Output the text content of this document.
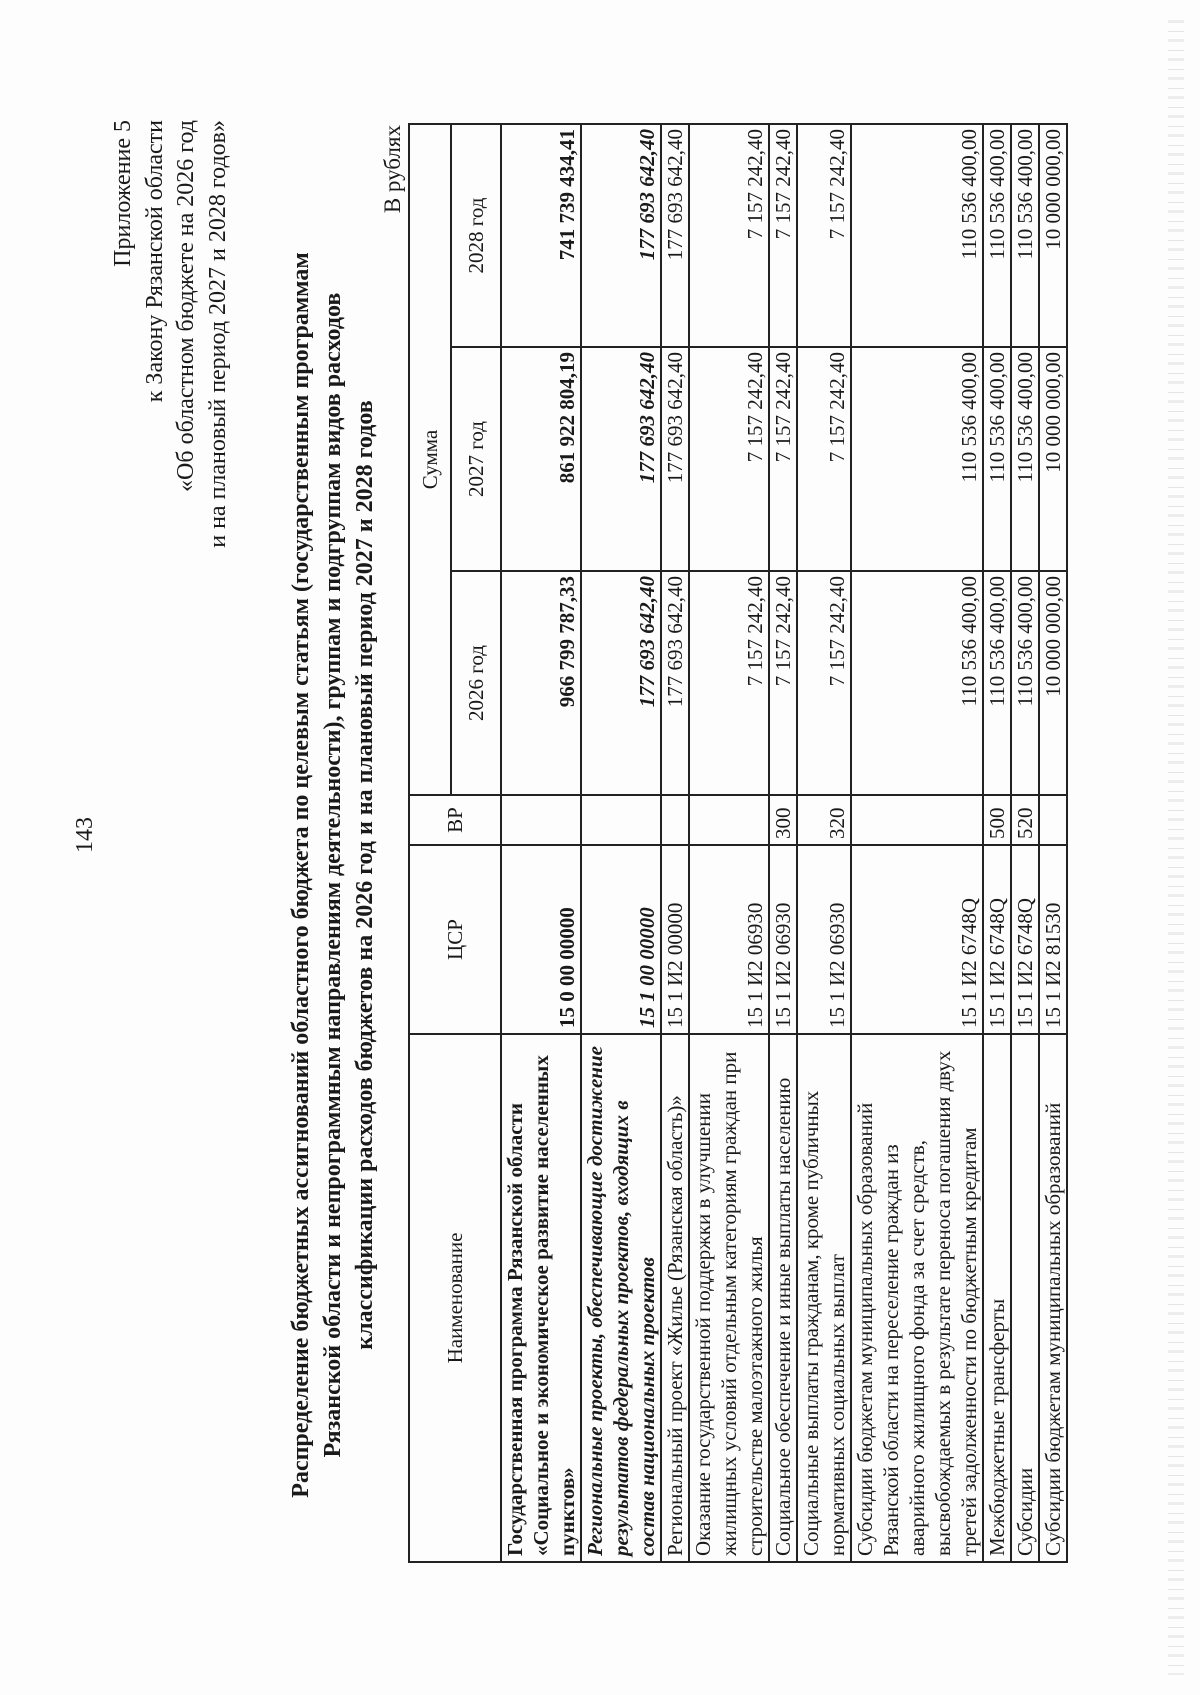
143
Приложение 5 к Закону Рязанской области «Об областном бюджете на 2026 год и на плановый период 2027 и 2028 годов» Распределение бюджетных ассигнований областного бюджета по целевым статьям (государственным программам Рязанской области и непрограммным направлениям деятельности), группам и подгруппам видов расходов классификации расходов бюджетов на 2026 год и на плановый период 2027 и 2028 годов
В рублях
Наименование	ЦСР	ВР	Сумма		
			2026 год	2027 год	2028 год
Государственная программа Рязанской области «Социальное и экономическое развитие населенных пунктов»	15 0 00 00000		966 799 787,33	861 922 804,19	741 739 434,41
Региональные проекты, обеспечивающие достижение результатов федеральных проектов, входящих в состав национальных проектов	15 1 00 00000		177 693 642,40	177 693 642,40	177 693 642,40
Региональный проект «Жилье (Рязанская область)»	15 1 И2 00000		177 693 642,40	177 693 642,40	177 693 642,40
Оказание государственной поддержки в улучшении жилищных условий отдельным категориям граждан при строительстве малоэтажного жилья	15 1 И2 06930		7 157 242,40	7 157 242,40	7 157 242,40
Социальное обеспечение и иные выплаты населению	15 1 И2 06930	300	7 157 242,40	7 157 242,40	7 157 242,40
Социальные выплаты гражданам, кроме публичных нормативных социальных выплат	15 1 И2 06930	320	7 157 242,40	7 157 242,40	7 157 242,40
Субсидии бюджетам муниципальных образований Рязанской области на переселение граждан из аварийного жилищного фонда за счет средств, высвобождаемых в результате переноса погашения двух третей задолженности по бюджетным кредитам	15 1 И2 6748Q		110 536 400,00	110 536 400,00	110 536 400,00
Межбюджетные трансферты	15 1 И2 6748Q	500	110 536 400,00	110 536 400,00	110 536 400,00
Субсидии	15 1 И2 6748Q	520	110 536 400,00	110 536 400,00	110 536 400,00
Субсидии бюджетам муниципальных образований	15 1 И2 81530		10 000 000,00	10 000 000,00	10 000 000,00
